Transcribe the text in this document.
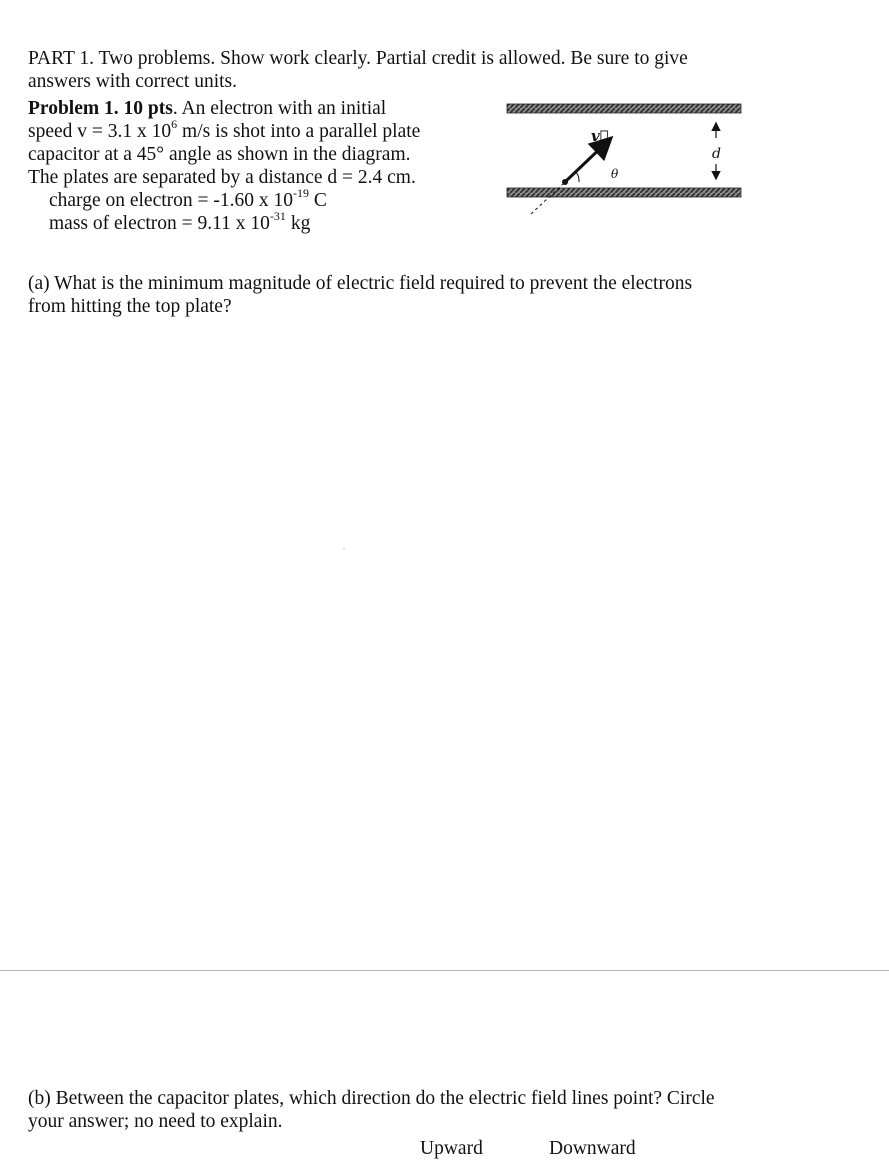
PART 1. Two problems. Show work clearly. Partial credit is allowed. Be sure to give
answers with correct units.
Problem 1. 10 pts. An electron with an initial
speed v = 3.1 x $10^6$ m/s is shot into a parallel plate
capacitor at a 45° angle as shown in the diagram.
The plates are separated by a distance d = 2.4 cm.
charge on electron = -1.60 x $10^{-19}$ C
mass of electron = 9.11 x $10^{-31}$ kg
v⃗
θ
d
(a) What is the minimum magnitude of electric field required to prevent the electrons
from hitting the top plate?
(b) Between the capacitor plates, which direction do the electric field lines point? Circle
your answer; no need to explain.
Upward	Downward
